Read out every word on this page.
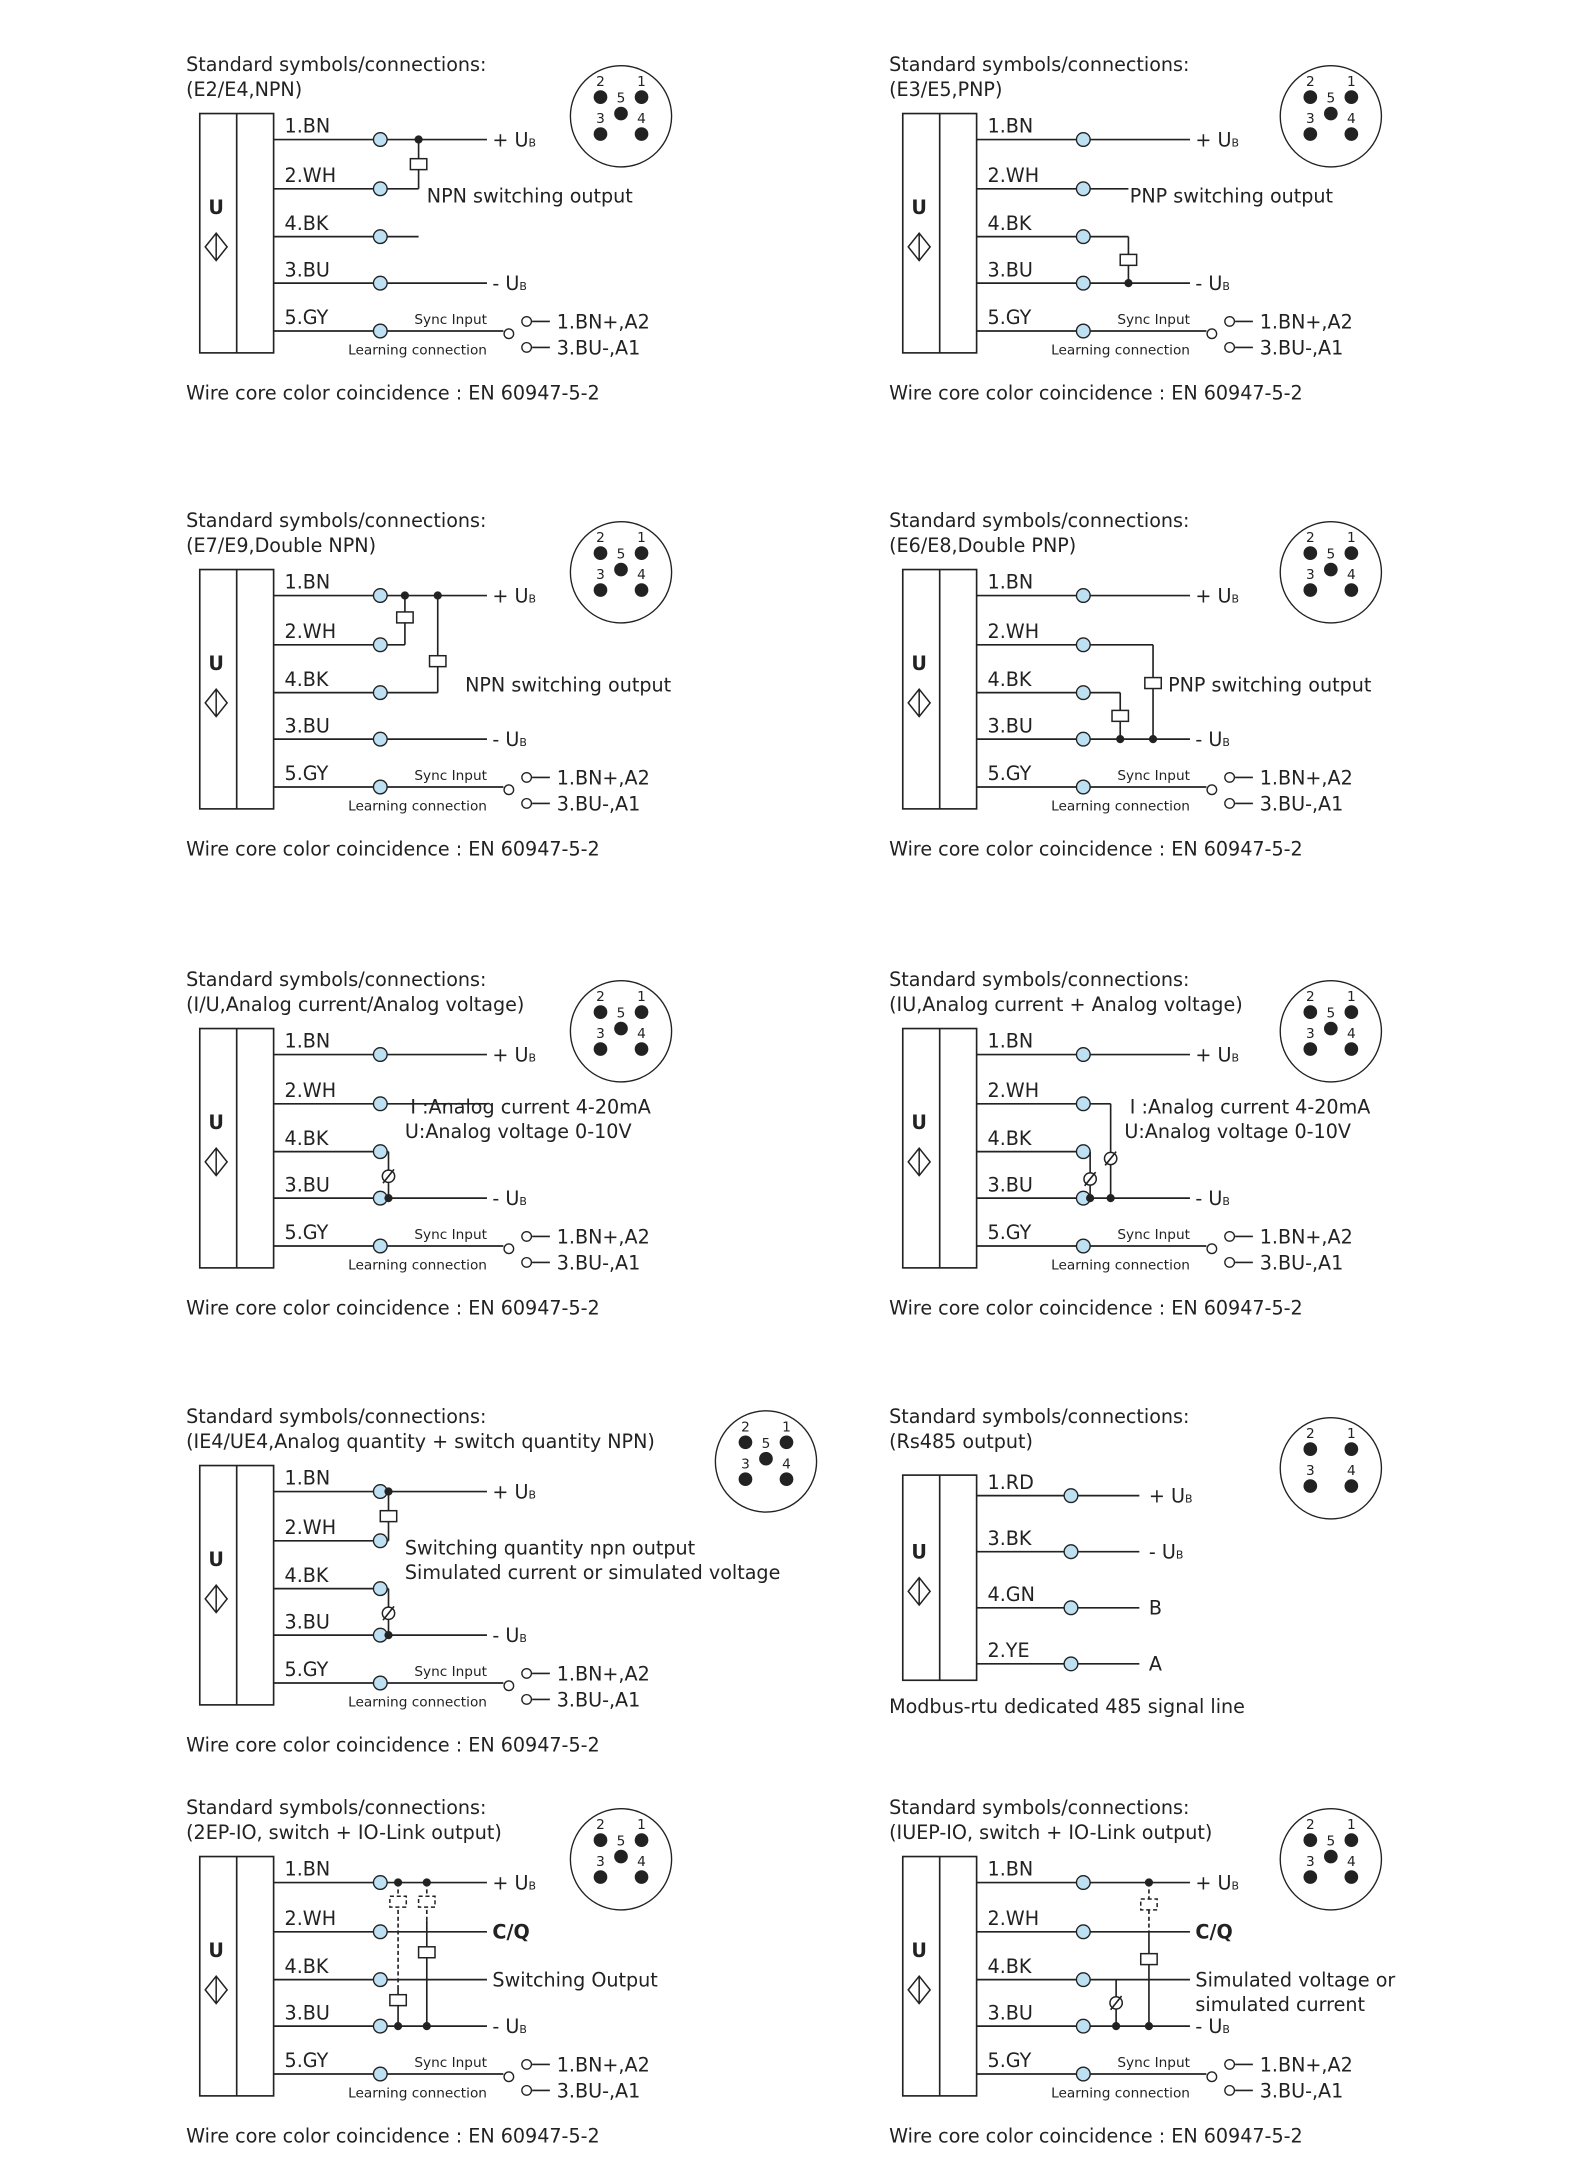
Standard symbols/connections:
(E2/E4,NPN)	1
2
3	4
5
U
1.BN
2.WH
4.BK
3.BU
5.GY
+ UB
- UB
NPN switching output
Sync Input
Learning connection
1.BN+,A2
3.BU-,A1
Wire core color coincidence : EN 60947-5-2
Standard symbols/connections:
(E3/E5,PNP)	1
2
3	4
5
U
1.BN
2.WH
4.BK
3.BU
5.GY
+ UB
- UB
PNP switching output
Sync Input
Learning connection
1.BN+,A2
3.BU-,A1
Wire core color coincidence : EN 60947-5-2
Standard symbols/connections:
(E7/E9,Double NPN)	1
2
3	4
5
U
1.BN
2.WH
4.BK
3.BU
5.GY
+ UB
- UB
NPN switching output
Sync Input
Learning connection
1.BN+,A2
3.BU-,A1
Wire core color coincidence : EN 60947-5-2
Standard symbols/connections:
(E6/E8,Double PNP)	1
2
3	4
5
U
1.BN
2.WH
4.BK
3.BU
5.GY
+ UB
- UB
PNP switching output
Sync Input
Learning connection
1.BN+,A2
3.BU-,A1
Wire core color coincidence : EN 60947-5-2
Standard symbols/connections:
(I/U,Analog current/Analog voltage)	1
2
3	4
5
U
1.BN
2.WH
4.BK
3.BU
5.GY
+ UB
- UB
I :Analog current 4-20mA
U:Analog voltage 0-10V
Sync Input
Learning connection
1.BN+,A2
3.BU-,A1
Wire core color coincidence : EN 60947-5-2
Standard symbols/connections:
(IU,Analog current + Analog voltage)	1
2
3	4
5
U
1.BN
2.WH
4.BK
3.BU
5.GY
+ UB
- UB
I :Analog current 4-20mA
U:Analog voltage 0-10V
Sync Input
Learning connection
1.BN+,A2
3.BU-,A1
Wire core color coincidence : EN 60947-5-2
Standard symbols/connections:
(IE4/UE4,Analog quantity + switch quantity NPN)
1
2
3	4
5
U
1.BN
2.WH
4.BK
3.BU
5.GY
+ UB
- UB
Switching quantity npn output
Simulated current or simulated voltage
Sync Input
Learning connection
1.BN+,A2
3.BU-,A1
Wire core color coincidence : EN 60947-5-2
Standard symbols/connections:
(Rs485 output)	1
2
3	4
U
1.RD
3.BK
4.GN
2.YE
+ UB
- UB
B
A
Modbus-rtu dedicated 485 signal line
Standard symbols/connections:
(2EP-IO, switch + IO-Link output)	1
2
3	4
5
U
1.BN
2.WH
4.BK
3.BU
5.GY
+ UB
C/Q
Switching Output
- UB
Sync Input
Learning connection
1.BN+,A2
3.BU-,A1
Wire core color coincidence : EN 60947-5-2
Standard symbols/connections:
(IUEP-IO, switch + IO-Link output)	1
2
3	4
5
U
1.BN
2.WH
4.BK
3.BU
5.GY
+ UB
C/Q
Simulated voltage or
- UB
simulated current
Sync Input
Learning connection
1.BN+,A2
3.BU-,A1
Wire core color coincidence : EN 60947-5-2
